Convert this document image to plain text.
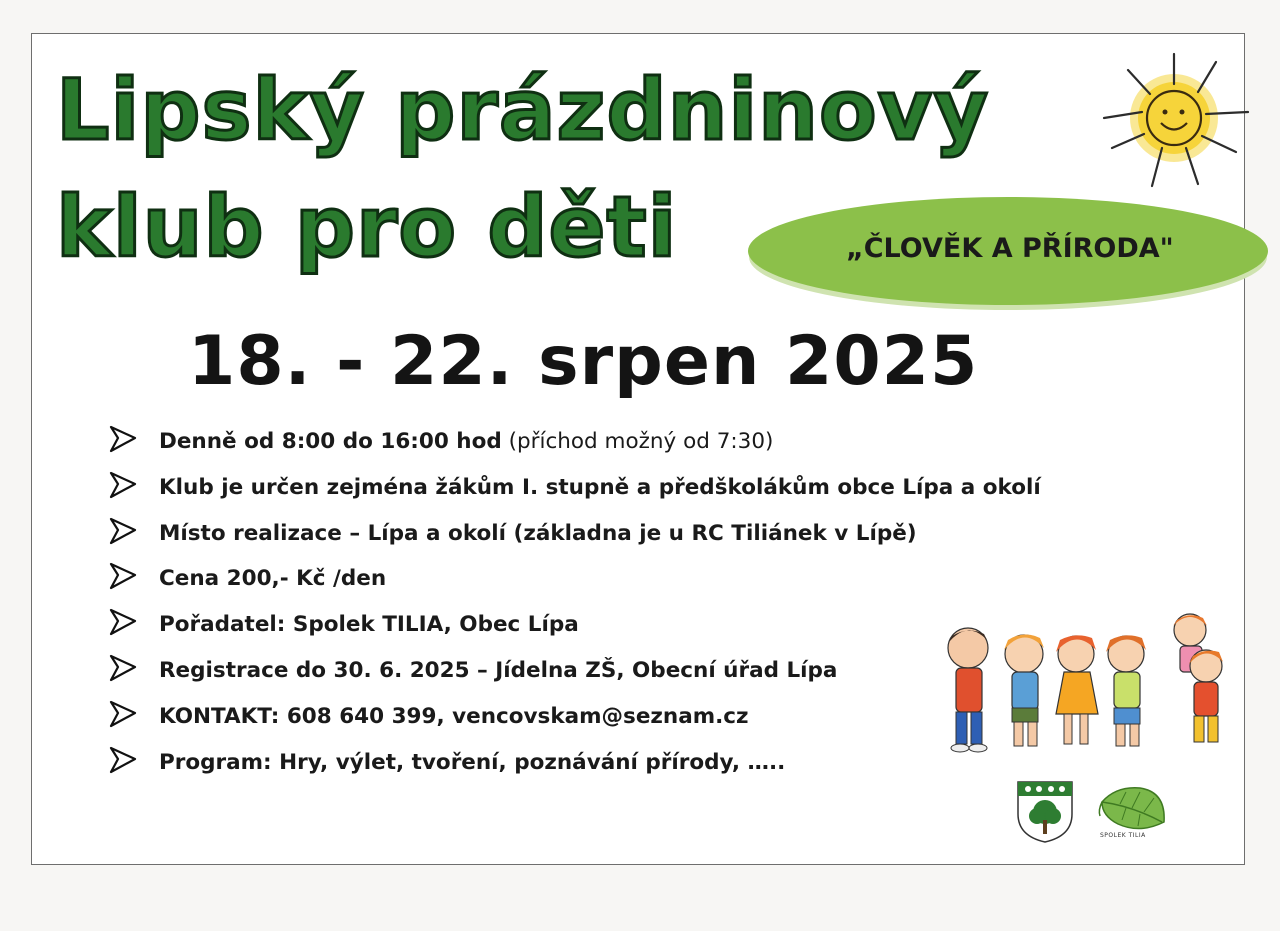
Lipský prázdninový
klub pro děti	„ČLOVĚK A PŘÍRODA"
18. - 22. srpen 2025
Denně od 8:00 do 16:00 hod (příchod možný od 7:30)
Klub je určen zejména žákům I. stupně a předškolákům obce Lípa a okolí
Místo realizace – Lípa a okolí (základna je u RC Tiliánek v Lípě)
Cena 200,- Kč /den
Pořadatel: Spolek TILIA, Obec Lípa
Registrace do 30. 6. 2025 – Jídelna ZŠ, Obecní úřad Lípa
KONTAKT: 608 640 399, vencovskam@seznam.cz
Program: Hry, výlet, tvoření, poznávání přírody, …..
SPOLEK TILIA
